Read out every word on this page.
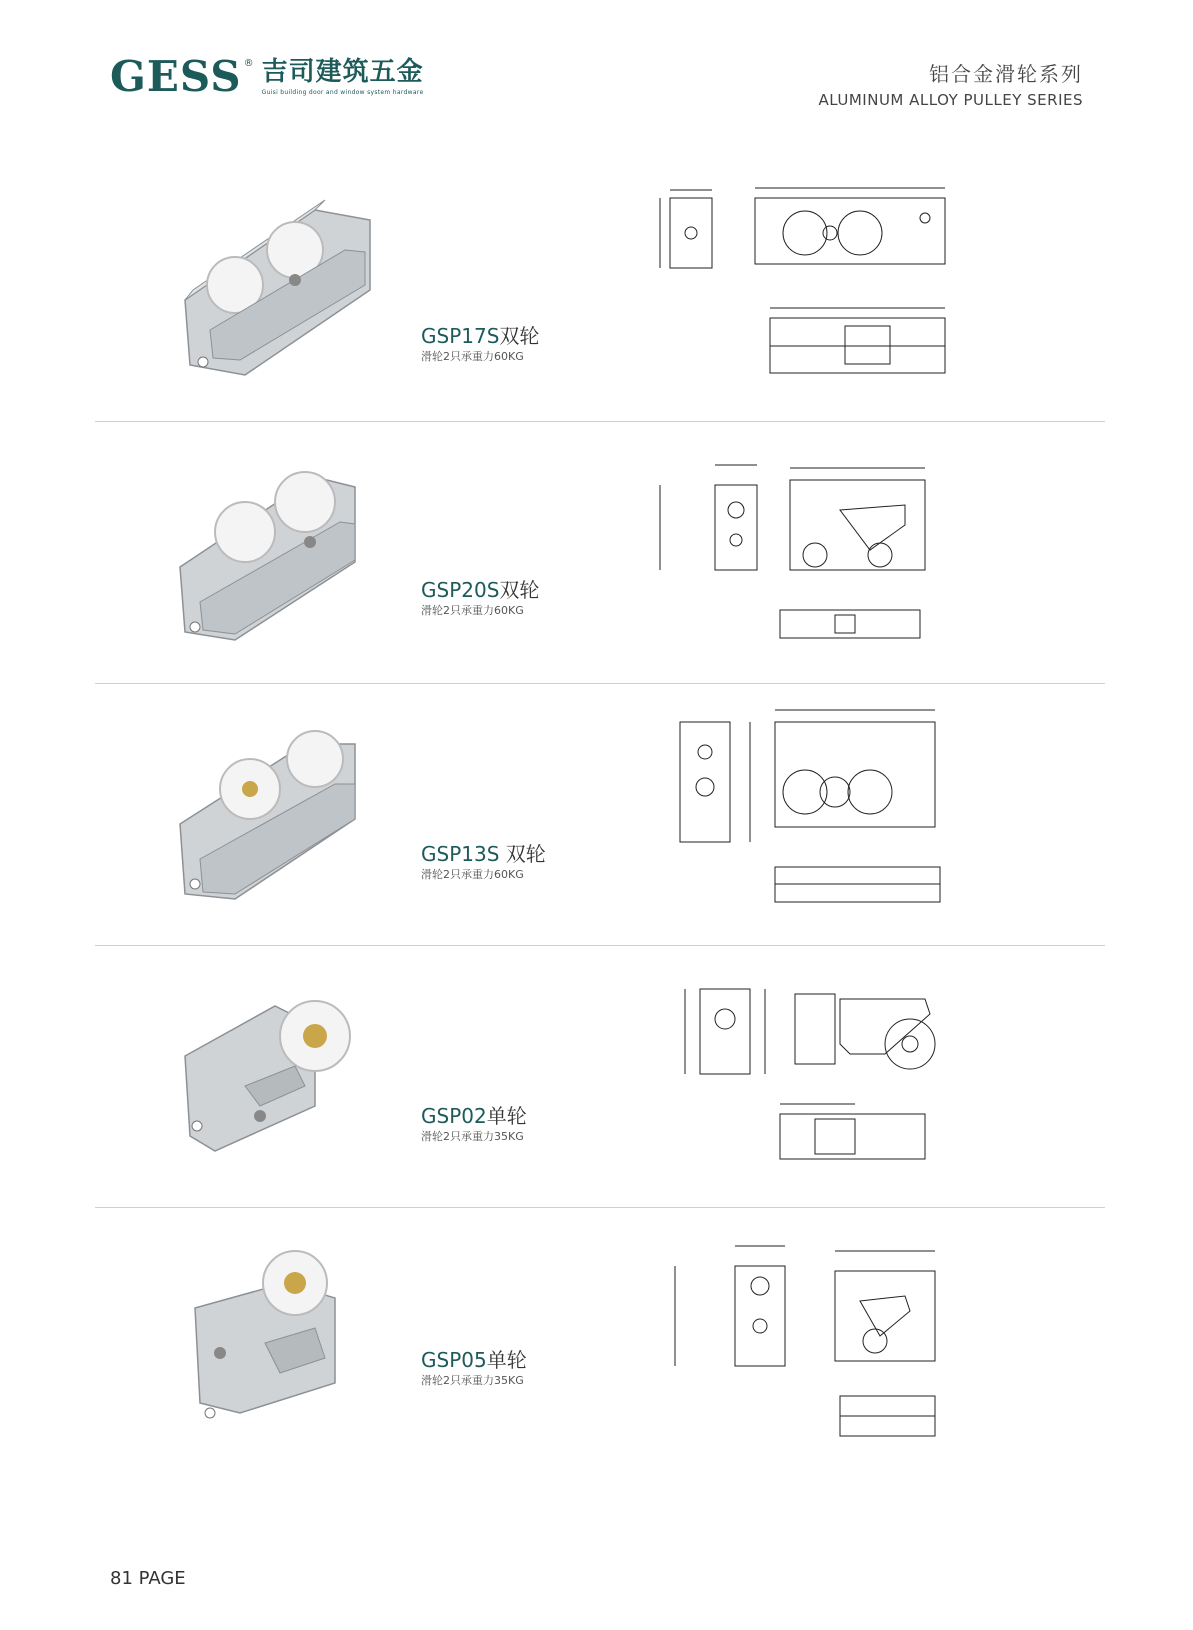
GESS ® 吉司建筑五金
Guisi building door and window system hardware
铝合金滑轮系列
ALUMINUM ALLOY PULLEY SERIES
GSP17S双轮
滑轮2只承重力60KG
GSP20S双轮
滑轮2只承重力60KG
GSP13S 双轮
滑轮2只承重力60KG
GSP02单轮
滑轮2只承重力35KG
GSP05单轮
滑轮2只承重力35KG
81 PAGE
